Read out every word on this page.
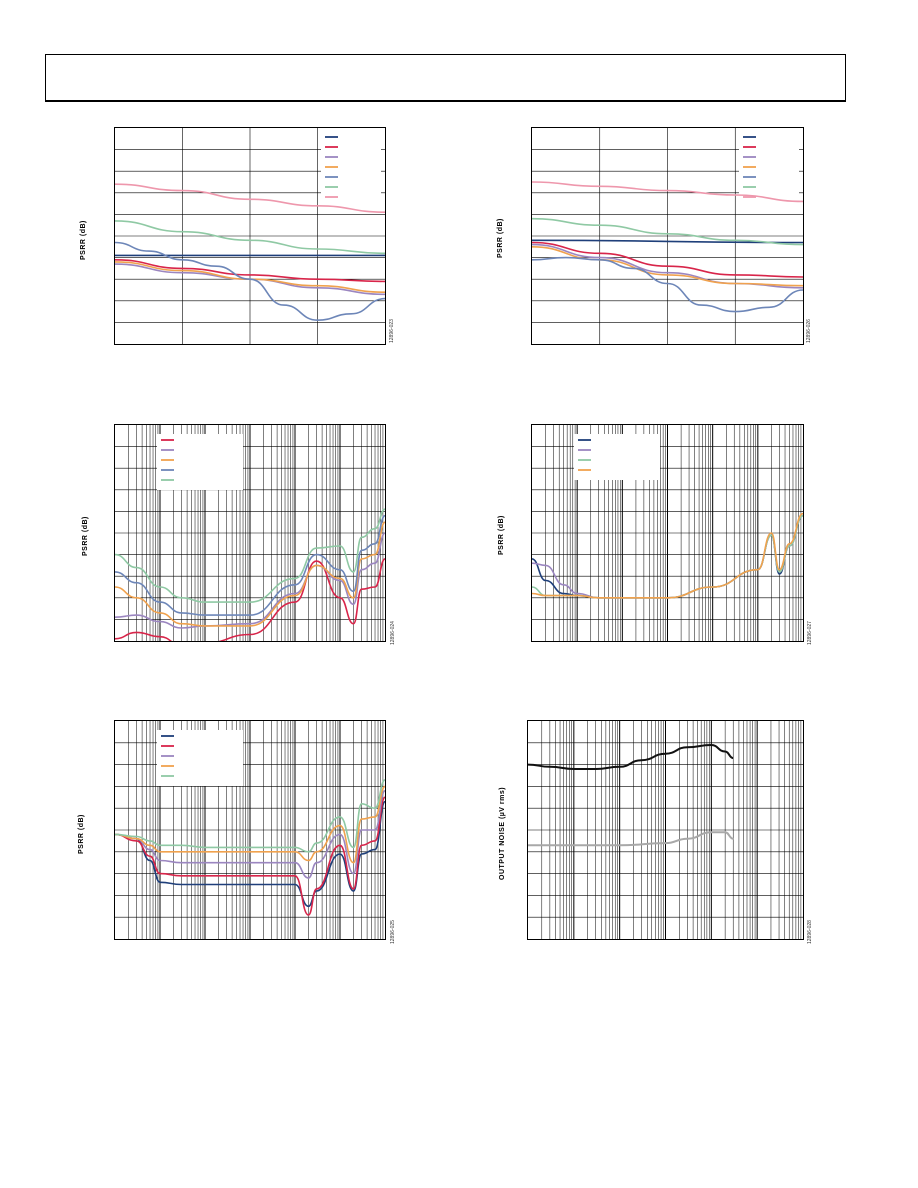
PSRR (dB)
12896-023
PSRR (dB)
12896-026
PSRR (dB)
12896-024
PSRR (dB)
12896-027
PSRR (dB)
12896-025
OUTPUT NOISE (µV rms)
12896-028
